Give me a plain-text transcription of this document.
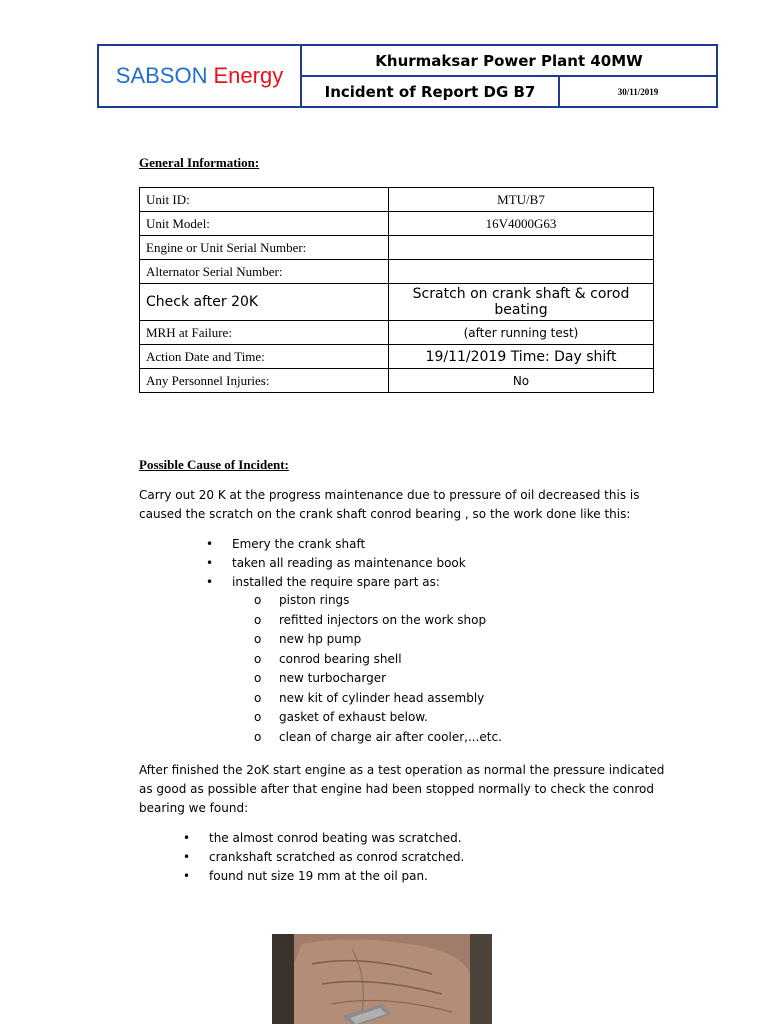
SABSON Energy
Khurmaksar Power Plant 40MW
Incident of Report DG B7	30/11/2019
General Information:
Unit ID:	MTU/B7
Unit Model:	16V4000G63
Engine or Unit Serial Number:	
Alternator Serial Number:	
Check after 20K	Scratch on crank shaft & corod beating
MRH at Failure:	(after running test)
Action Date and Time:	19/11/2019 Time: Day shift
Any Personnel Injuries:	No
Possible Cause of Incident:
Carry out 20 K at the progress maintenance due to pressure of oil decreased this is caused the scratch on the crank shaft conrod bearing , so the work done like this:
• Emery the crank shaft
• taken all reading as maintenance book
• installed the require spare part as:
o piston rings
o refitted injectors on the work shop
o new hp pump
o conrod bearing shell
o new turbocharger
o new kit of cylinder head assembly
o gasket of exhaust below.
o clean of charge air after cooler,...etc.
After finished the 2oK start engine as a test operation as normal the pressure indicated as good as possible after that engine had been stopped normally to check the conrod bearing we found:
• the almost conrod beating was scratched.
• crankshaft scratched as conrod scratched.
• found nut size 19 mm at the oil pan.
